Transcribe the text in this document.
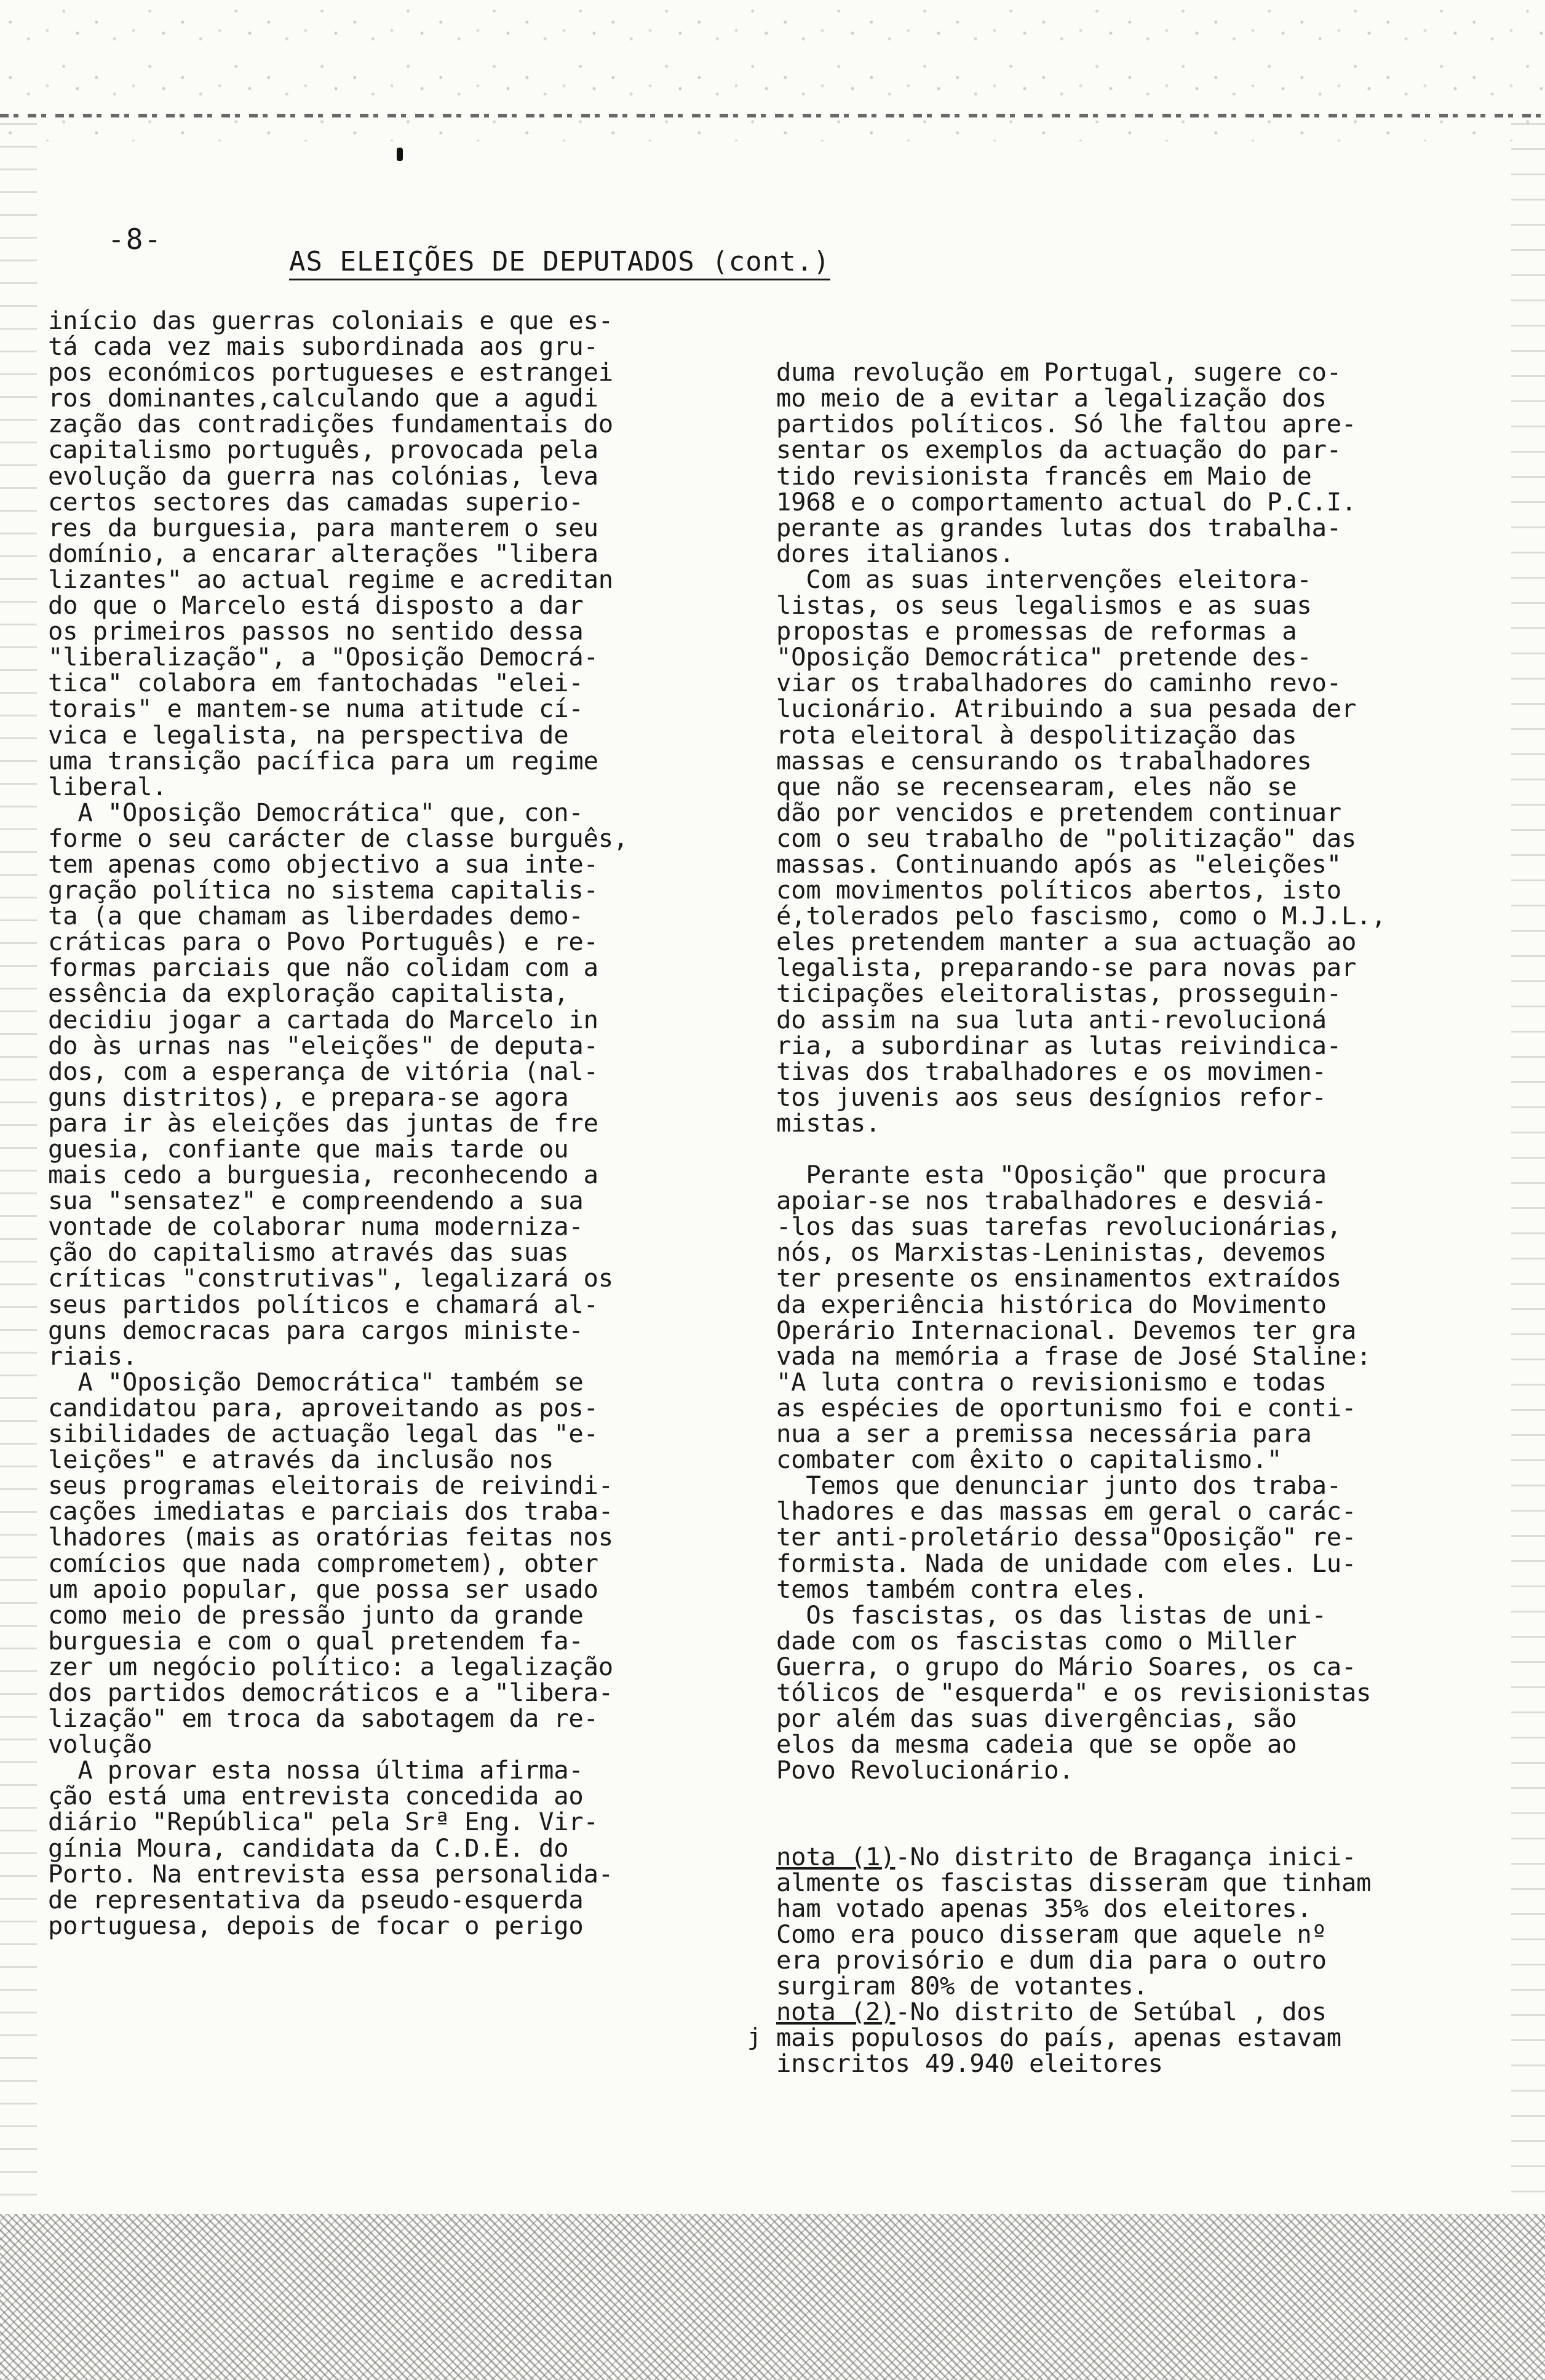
-8-
AS ELEIÇÕES DE DEPUTADOS (cont.)
início das guerras coloniais e que es-
tá cada vez mais subordinada aos gru-
pos económicos portugueses e estrangei
ros dominantes,calculando que a agudi
zação das contradições fundamentais do
capitalismo português, provocada pela
evolução da guerra nas colónias, leva
certos sectores das camadas superio-
res da burguesia, para manterem o seu
domínio, a encarar alterações "libera
lizantes" ao actual regime e acreditan
do que o Marcelo está disposto a dar
os primeiros passos no sentido dessa
"liberalização", a "Oposição Democrá-
tica" colabora em fantochadas "elei-
torais" e mantem-se numa atitude cí-
vica e legalista, na perspectiva de
uma transição pacífica para um regime
liberal.
A "Oposição Democrática" que, con-
forme o seu carácter de classe burguês,
tem apenas como objectivo a sua inte-
gração política no sistema capitalis-
ta (a que chamam as liberdades demo-
cráticas para o Povo Português) e re-
formas parciais que não colidam com a
essência da exploração capitalista,
decidiu jogar a cartada do Marcelo in
do às urnas nas "eleições" de deputa-
dos, com a esperança de vitória (nal-
guns distritos), e prepara-se agora
para ir às eleições das juntas de fre
guesia, confiante que mais tarde ou
mais cedo a burguesia, reconhecendo a
sua "sensatez" e compreendendo a sua
vontade de colaborar numa moderniza-
ção do capitalismo através das suas
críticas "construtivas", legalizará os
seus partidos políticos e chamará al-
guns democracas para cargos ministe-
riais.
A "Oposição Democrática" também se
candidatou para, aproveitando as pos-
sibilidades de actuação legal das "e-
leições" e através da inclusão nos
seus programas eleitorais de reivindi-
cações imediatas e parciais dos traba-
lhadores (mais as oratórias feitas nos
comícios que nada comprometem), obter
um apoio popular, que possa ser usado
como meio de pressão junto da grande
burguesia e com o qual pretendem fa-
zer um negócio político: a legalização
dos partidos democráticos e a "libera-
lização" em troca da sabotagem da re-
volução
A provar esta nossa última afirma-
ção está uma entrevista concedida ao
diário "República" pela Srª Eng. Vir-
gínia Moura, candidata da C.D.E. do
Porto. Na entrevista essa personalida-
de representativa da pseudo-esquerda
portuguesa, depois de focar o perigo

duma revolução em Portugal, sugere co-
mo meio de a evitar a legalização dos
partidos políticos. Só lhe faltou apre-
sentar os exemplos da actuação do par-
tido revisionista francês em Maio de
1968 e o comportamento actual do P.C.I.
perante as grandes lutas dos trabalha-
dores italianos.
Com as suas intervenções eleitora-
listas, os seus legalismos e as suas
propostas e promessas de reformas a
"Oposição Democrática" pretende des-
viar os trabalhadores do caminho revo-
lucionário. Atribuindo a sua pesada der
rota eleitoral à despolitização das
massas e censurando os trabalhadores
que não se recensearam, eles não se
dão por vencidos e pretendem continuar
com o seu trabalho de "politização" das
massas. Continuando após as "eleições"
com movimentos políticos abertos, isto
é,tolerados pelo fascismo, como o M.J.L.,
eles pretendem manter a sua actuação ao
legalista, preparando-se para novas par
ticipações eleitoralistas, prosseguin-
do assim na sua luta anti-revolucioná
ria, a subordinar as lutas reivindica-
tivas dos trabalhadores e os movimen-
tos juvenis aos seus desígnios refor-
mistas.
Perante esta "Oposição" que procura
apoiar-se nos trabalhadores e desviá-
-los das suas tarefas revolucionárias,
nós, os Marxistas-Leninistas, devemos
ter presente os ensinamentos extraídos
da experiência histórica do Movimento
Operário Internacional. Devemos ter gra
vada na memória a frase de José Staline:
"A luta contra o revisionismo e todas
as espécies de oportunismo foi e conti-
nua a ser a premissa necessária para
combater com êxito o capitalismo."
Temos que denunciar junto dos traba-
lhadores e das massas em geral o carác-
ter anti-proletário dessa"Oposição" re-
formista. Nada de unidade com eles. Lu-
temos também contra eles.
Os fascistas, os das listas de uni-
dade com os fascistas como o Miller
Guerra, o grupo do Mário Soares, os ca-
tólicos de "esquerda" e os revisionistas
por além das suas divergências, são
elos da mesma cadeia que se opõe ao
Povo Revolucionário.

nota (1)-No distrito de Bragança inici-
almente os fascistas disseram que tinham
ham votado apenas 35% dos eleitores.
Como era pouco disseram que aquele nº
era provisório e dum dia para o outro
surgiram 80% de votantes.
nota (2)-No distrito de Setúbal , dos
mais populosos do país, apenas estavam
inscritos 49.940 eleitores

j
